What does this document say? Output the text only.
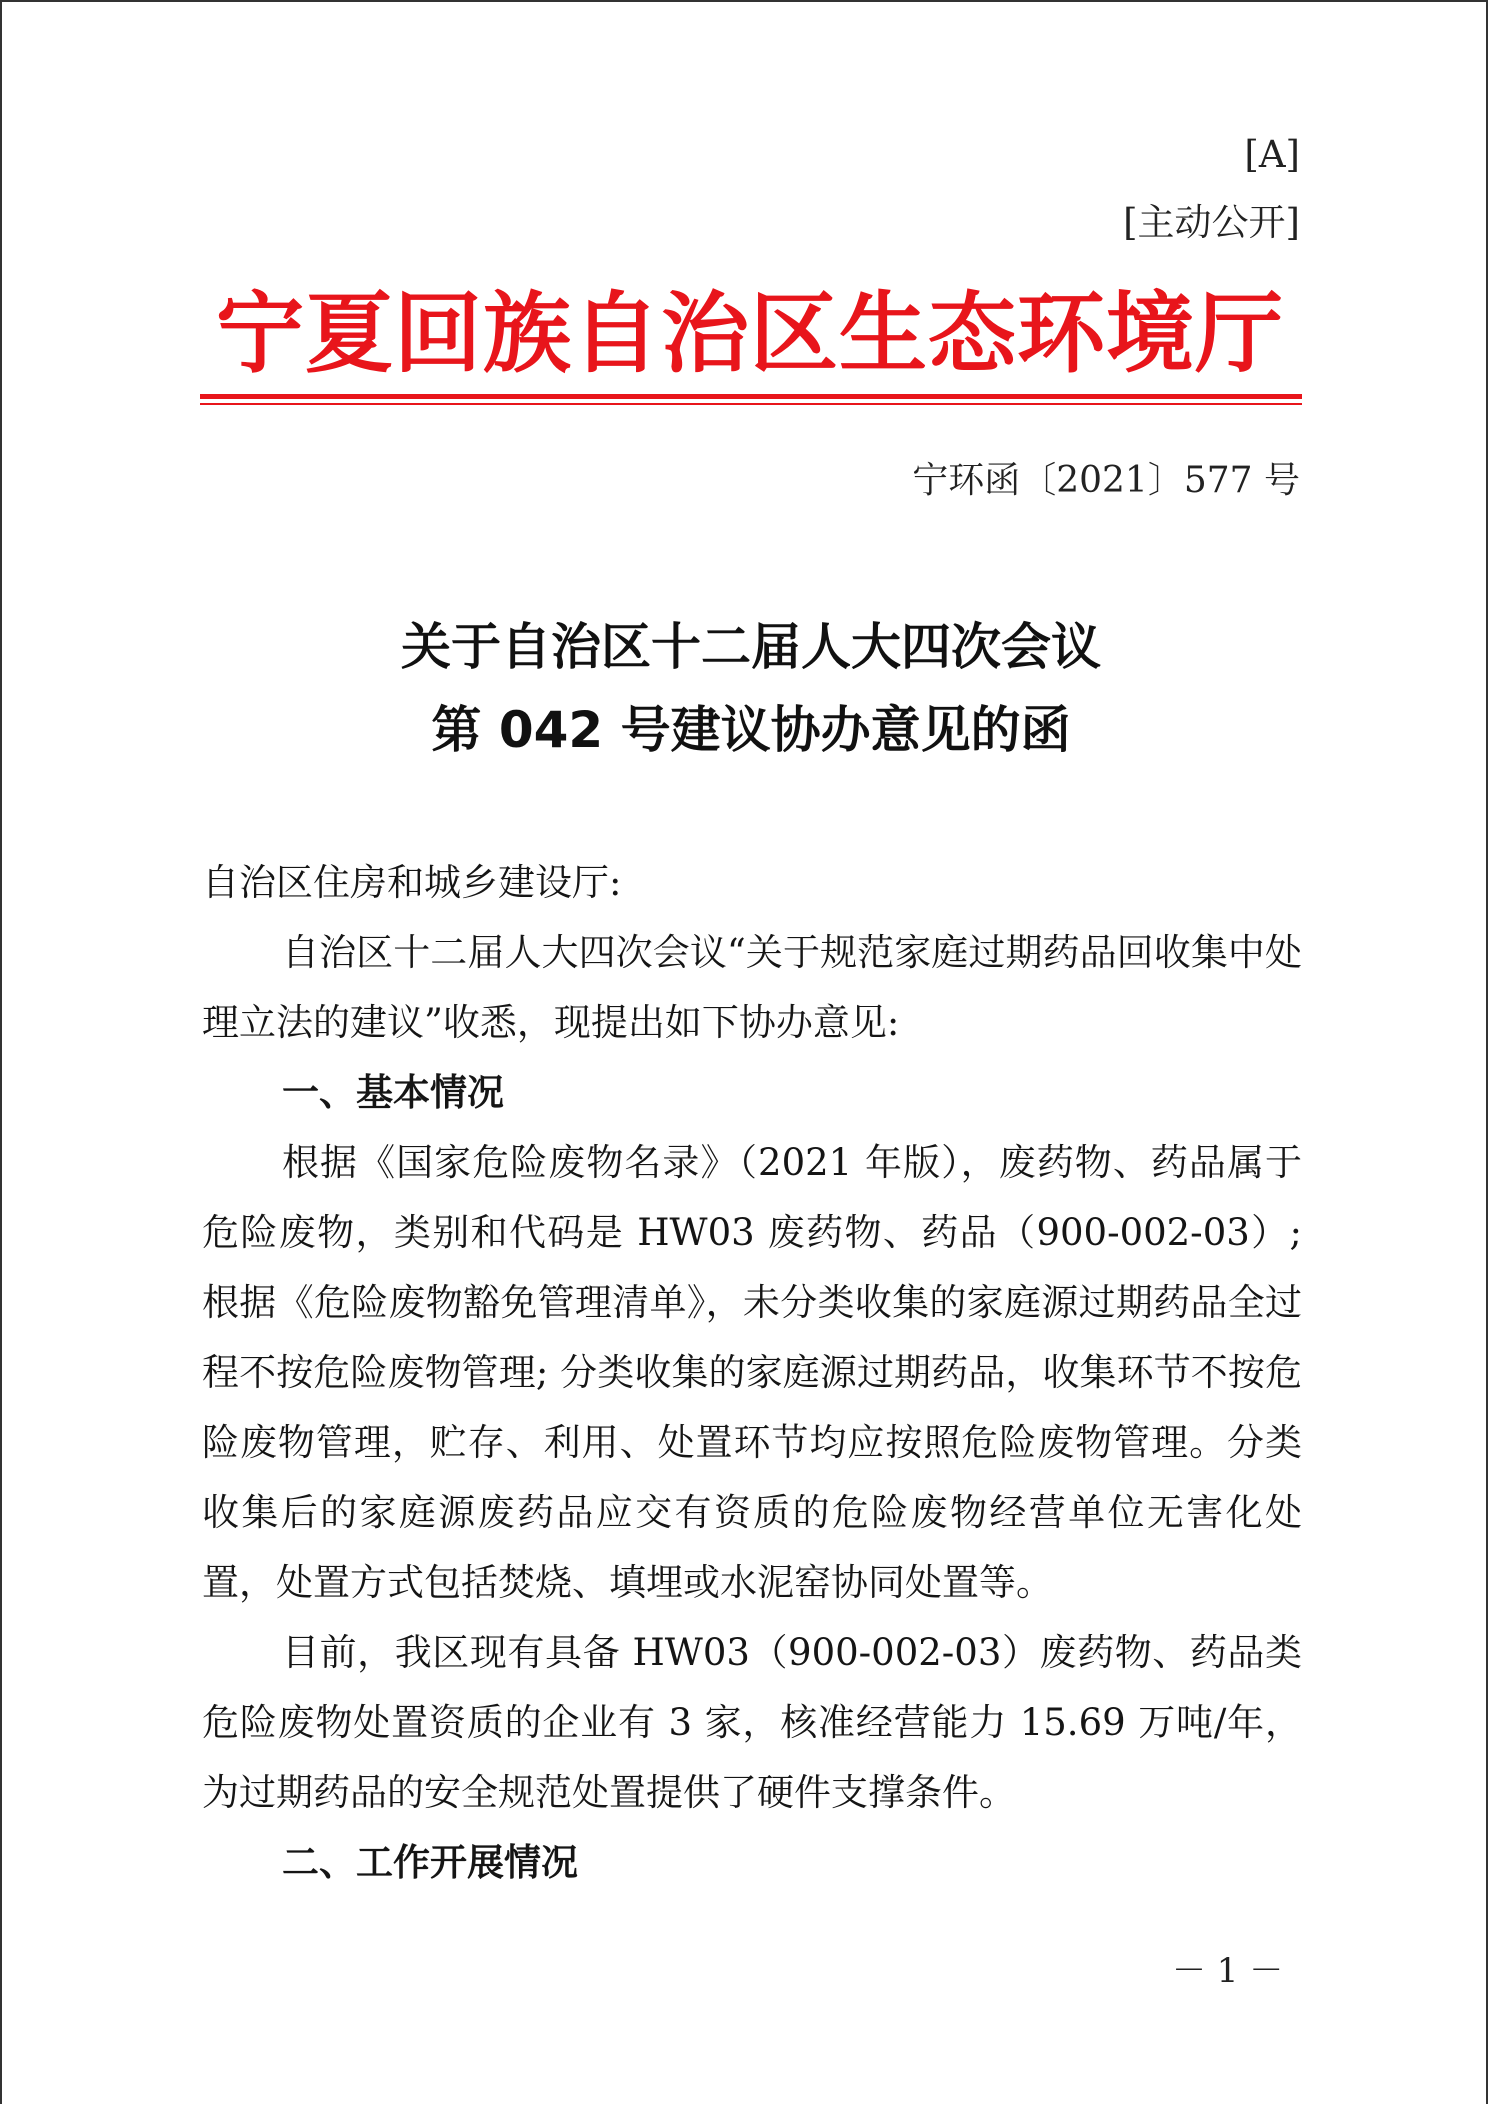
[A]
[主动公开]
宁夏回族自治区生态环境厅
宁环函〔2021〕577 号
关于自治区十二届人大四次会议
第 042 号建议协办意见的函

自治区住房和城乡建设厅:

自治区十二届人大四次会议“关于规范家庭过期药品回收集中处理立法的建议”收悉，现提出如下协办意见:

一、基本情况

根据《国家危险废物名录》（2021 年版），废药物、药品属于危险废物，类别和代码是 HW03 废药物、药品（900-002-03）;根据《危险废物豁免管理清单》，未分类收集的家庭源过期药品全过程不按危险废物管理; 分类收集的家庭源过期药品，收集环节不按危险废物管理，贮存、利用、处置环节均应按照危险废物管理。分类收集后的家庭源废药品应交有资质的危险废物经营单位无害化处置，处置方式包括焚烧、填埋或水泥窑协同处置等。

目前，我区现有具备 HW03（900-002-03）废药物、药品类危险废物处置资质的企业有 3 家，核准经营能力 15.69 万吨/年，为过期药品的安全规范处置提供了硬件支撑条件。

二、工作开展情况

－ 1 －
